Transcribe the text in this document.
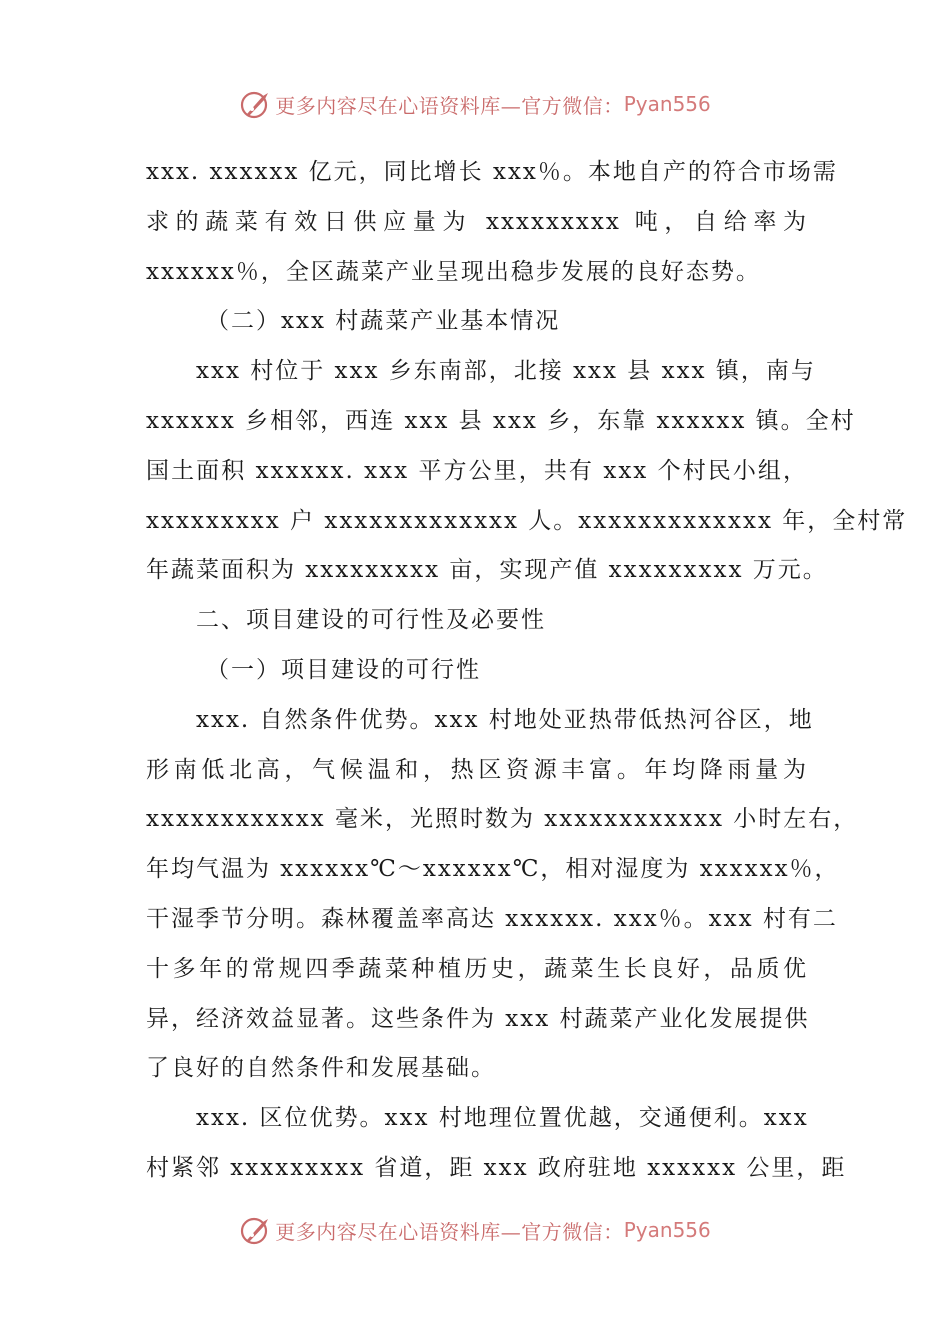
更多内容尽在心语资料库—官方微信： Pyan556
xxx. xxxxxx 亿元，同比增长 xxx％。本地自产的符合市场需
求的蔬菜有效日供应量为 xxxxxxxxx 吨，自给率为
xxxxxx％，全区蔬菜产业呈现出稳步发展的良好态势。
（二）xxx 村蔬菜产业基本情况
xxx 村位于 xxx 乡东南部，北接 xxx 县 xxx 镇，南与
xxxxxx 乡相邻，西连 xxx 县 xxx 乡，东靠 xxxxxx 镇。全村
国土面积 xxxxxx. xxx 平方公里，共有 xxx 个村民小组，
xxxxxxxxx 户 xxxxxxxxxxxxx 人。xxxxxxxxxxxxx 年，全村常
年蔬菜面积为 xxxxxxxxx 亩，实现产值 xxxxxxxxx 万元。
二、项目建设的可行性及必要性
（一）项目建设的可行性
xxx. 自然条件优势。xxx 村地处亚热带低热河谷区，地
形南低北高，气候温和，热区资源丰富。年均降雨量为
xxxxxxxxxxxx 毫米，光照时数为 xxxxxxxxxxxx 小时左右，
年均气温为 xxxxxx℃～xxxxxx℃，相对湿度为 xxxxxx％，
干湿季节分明。森林覆盖率高达 xxxxxx. xxx％。xxx 村有二
十多年的常规四季蔬菜种植历史，蔬菜生长良好，品质优
异，经济效益显著。这些条件为 xxx 村蔬菜产业化发展提供
了良好的自然条件和发展基础。
xxx. 区位优势。xxx 村地理位置优越，交通便利。xxx
村紧邻 xxxxxxxxx 省道，距 xxx 政府驻地 xxxxxx 公里，距
更多内容尽在心语资料库—官方微信： Pyan556
